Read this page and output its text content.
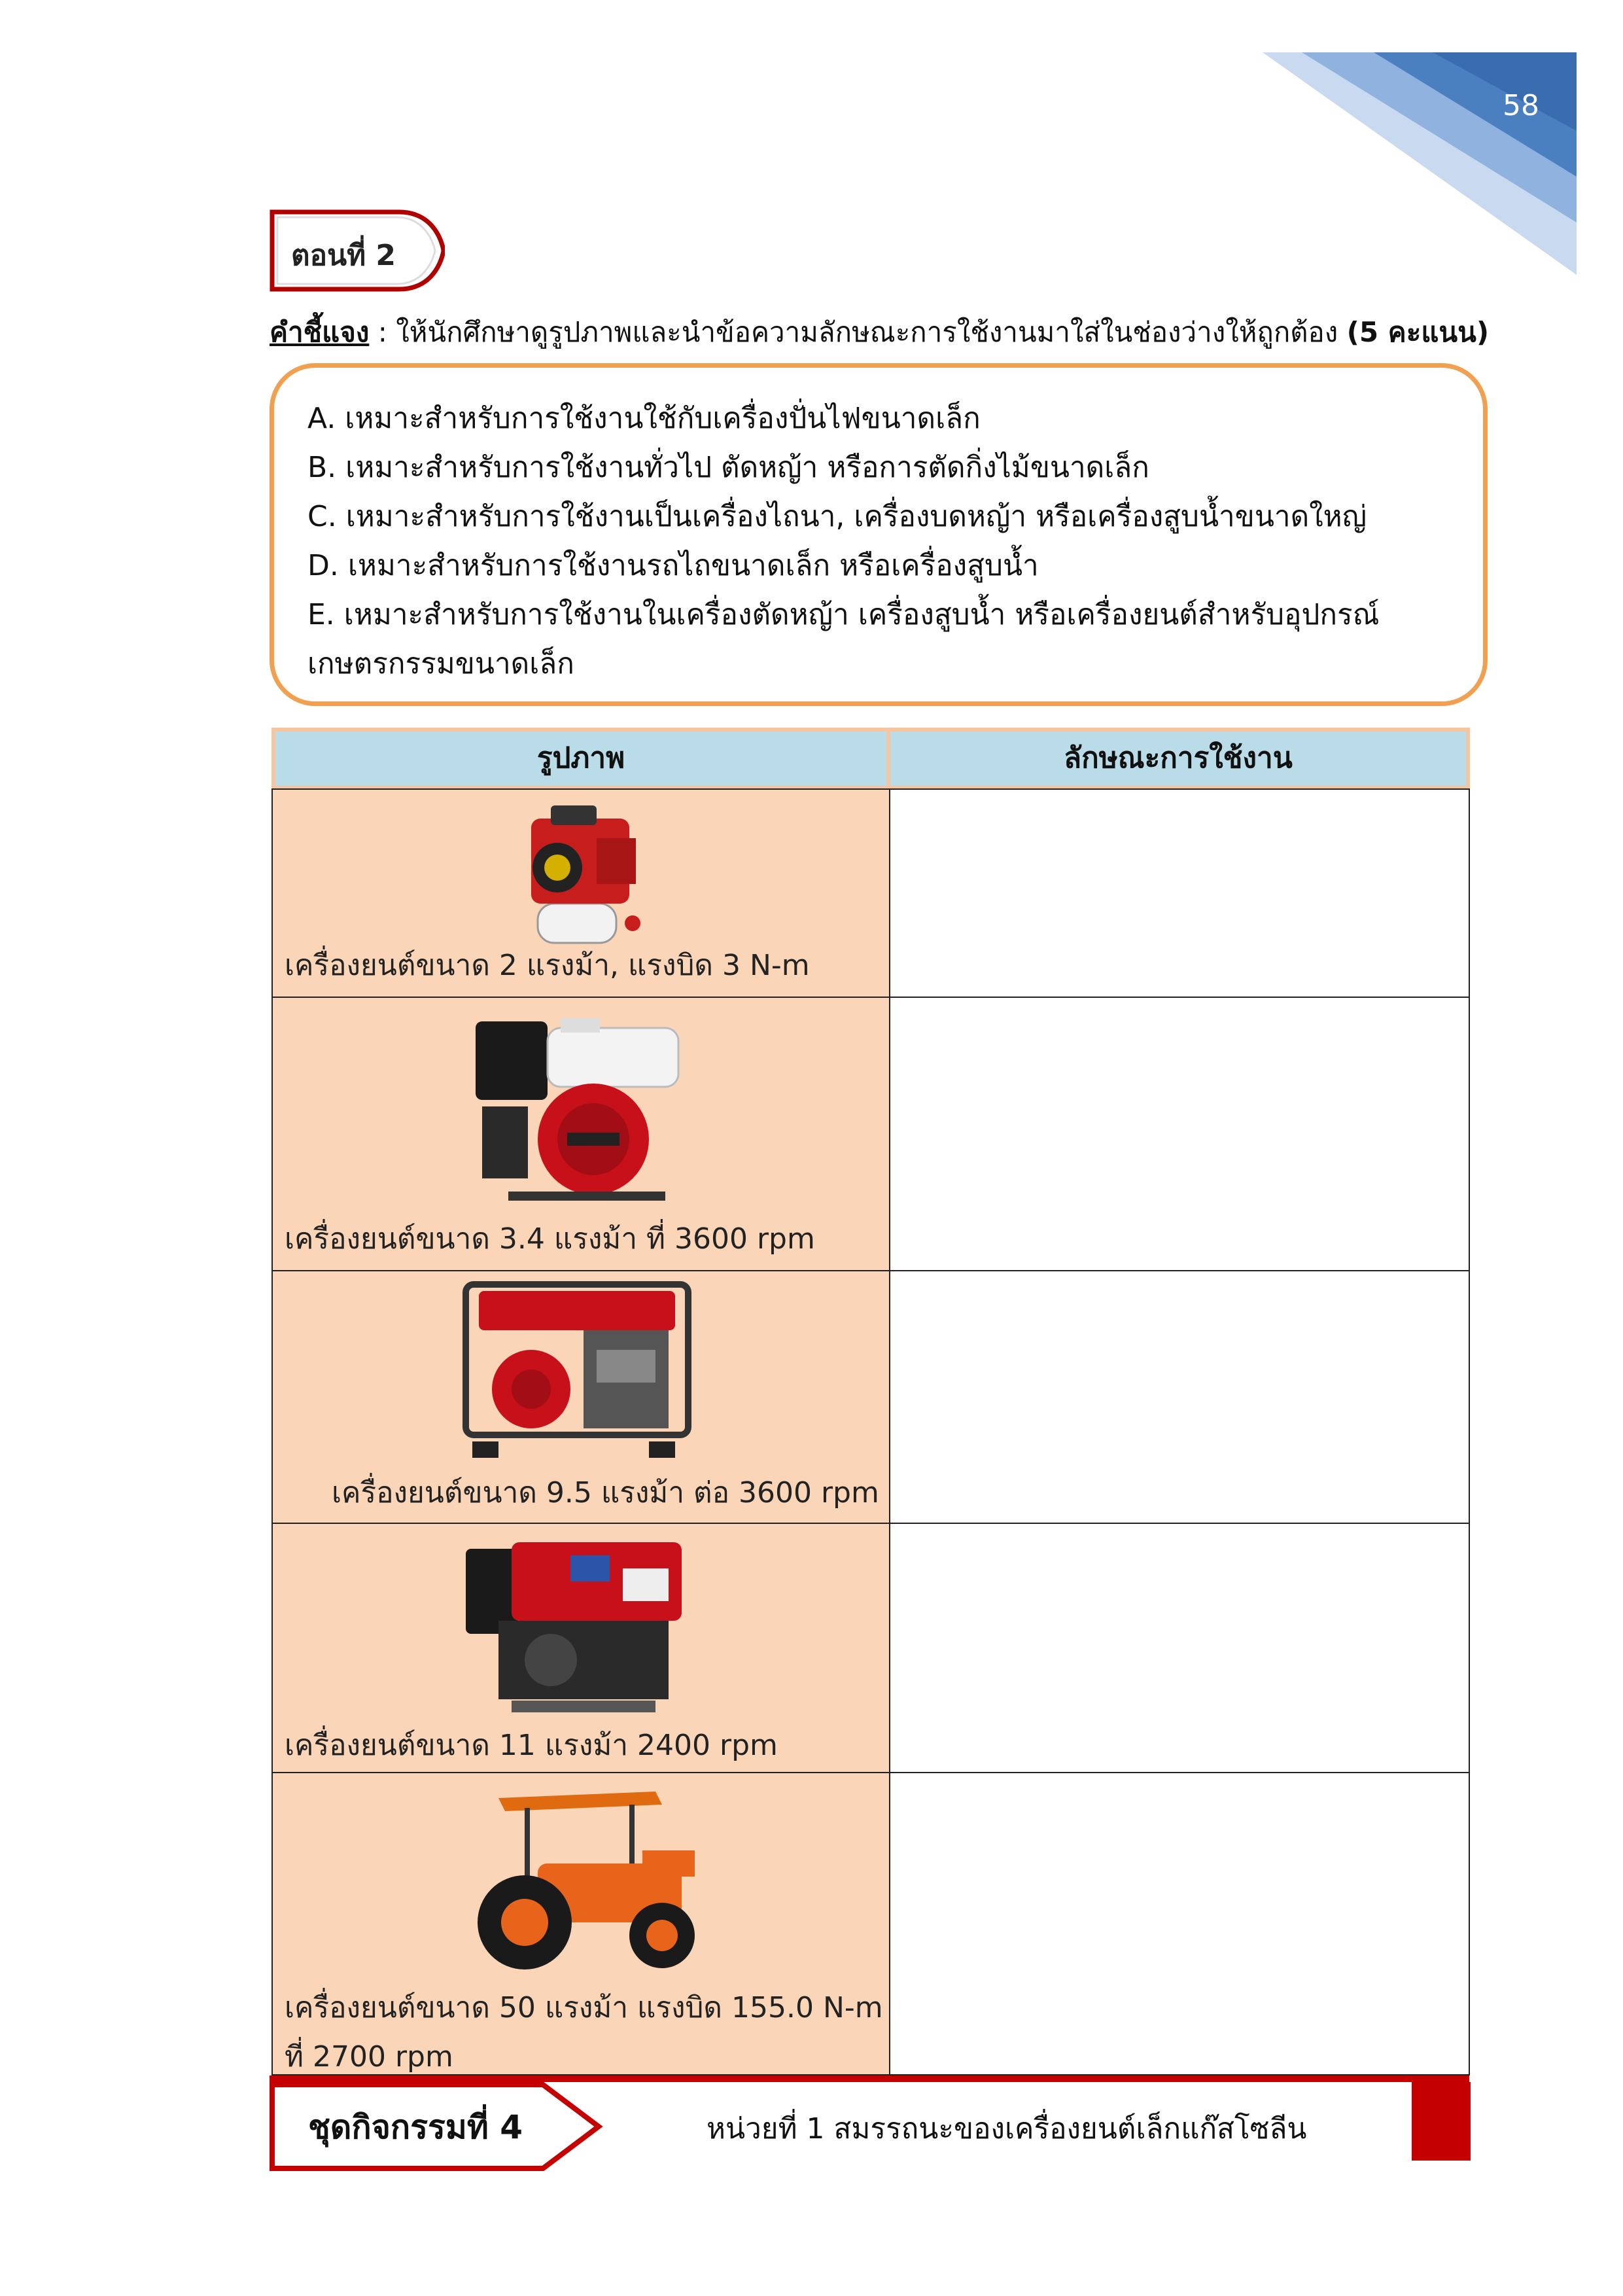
58
ตอนที่ 2
คำชี้แจง : ให้นักศึกษาดูรูปภาพและนำข้อความลักษณะการใช้งานมาใส่ในช่องว่างให้ถูกต้อง (5 คะแนน)
A. เหมาะสำหรับการใช้งานใช้กับเครื่องปั่นไฟขนาดเล็ก
B. เหมาะสำหรับการใช้งานทั่วไป ตัดหญ้า หรือการตัดกิ่งไม้ขนาดเล็ก
C. เหมาะสำหรับการใช้งานเป็นเครื่องไถนา, เครื่องบดหญ้า หรือเครื่องสูบน้ำขนาดใหญ่
D. เหมาะสำหรับการใช้งานรถไถขนาดเล็ก หรือเครื่องสูบน้ำ
E. เหมาะสำหรับการใช้งานในเครื่องตัดหญ้า เครื่องสูบน้ำ หรือเครื่องยนต์สำหรับอุปกรณ์
เกษตรกรรมขนาดเล็ก
รูปภาพ	ลักษณะการใช้งาน
เครื่องยนต์ขนาด 2 แรงม้า, แรงบิด 3 N-m
เครื่องยนต์ขนาด 3.4 แรงม้า ที่ 3600 rpm
เครื่องยนต์ขนาด 9.5 แรงม้า ต่อ 3600 rpm
เครื่องยนต์ขนาด 11 แรงม้า 2400 rpm
เครื่องยนต์ขนาด 50 แรงม้า แรงบิด 155.0 N-m
ที่ 2700 rpm
ชุดกิจกรรมที่ 4	หน่วยที่ 1 สมรรถนะของเครื่องยนต์เล็กแก๊สโซลีน
